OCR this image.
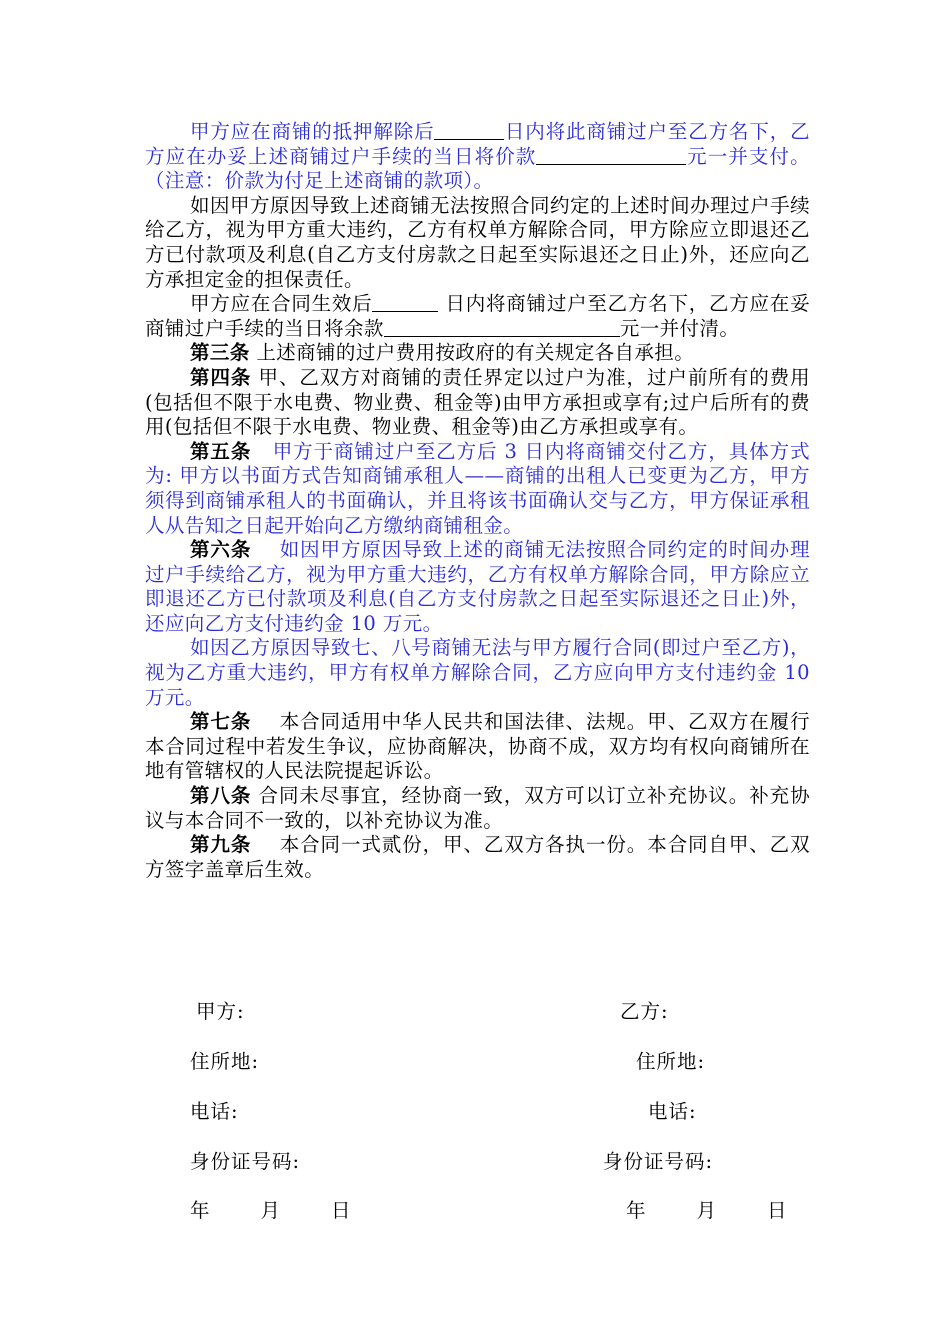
甲方应在商铺的抵押解除后	日内将此商铺过户至乙方名下，乙方应在办妥上述商铺过户手续的当日将价款	元一并支付。（注意：价款为付足上述商铺的款项）。

如因甲方原因导致上述商铺无法按照合同约定的上述时间办理过户手续给乙方，视为甲方重大违约，乙方有权单方解除合同，甲方除应立即退还乙方已付款项及利息(自乙方支付房款之日起至实际退还之日止)外，还应向乙方承担定金的担保责任。

甲方应在合同生效后	日内将商铺过户至乙方名下，乙方应在妥商铺过户手续的当日将余款	元一并付清。

第三条 上述商铺的过户费用按政府的有关规定各自承担。

第四条 甲、乙双方对商铺的责任界定以过户为准，过户前所有的费用(包括但不限于水电费、物业费、租金等)由甲方承担或享有;过户后所有的费用(包括但不限于水电费、物业费、租金等)由乙方承担或享有。

第五条 甲方于商铺过户至乙方后 3 日内将商铺交付乙方，具体方式为: 甲方以书面方式告知商铺承租人——商铺的出租人已变更为乙方，甲方须得到商铺承租人的书面确认，并且将该书面确认交与乙方，甲方保证承租人从告知之日起开始向乙方缴纳商铺租金。

第六条 如因甲方原因导致上述的商铺无法按照合同约定的时间办理过户手续给乙方，视为甲方重大违约，乙方有权单方解除合同，甲方除应立即退还乙方已付款项及利息(自乙方支付房款之日起至实际退还之日止)外，还应向乙方支付违约金 10 万元。

如因乙方原因导致七、八号商铺无法与甲方履行合同(即过户至乙方)，视为乙方重大违约，甲方有权单方解除合同，乙方应向甲方支付违约金 10 万元。

第七条 本合同适用中华人民共和国法律、法规。甲、乙双方在履行本合同过程中若发生争议，应协商解决，协商不成，双方均有权向商铺所在地有管辖权的人民法院提起诉讼。

第八条 合同未尽事宜，经协商一致，双方可以订立补充协议。补充协议与本合同不一致的，以补充协议为准。

第九条 本合同一式贰份，甲、乙双方各执一份。本合同自甲、乙双方签字盖章后生效。

甲方:	乙方:
住所地:	住所地:
电话:	电话:
身份证号码:	身份证号码:
年　　月　　日	年　　月　　日
